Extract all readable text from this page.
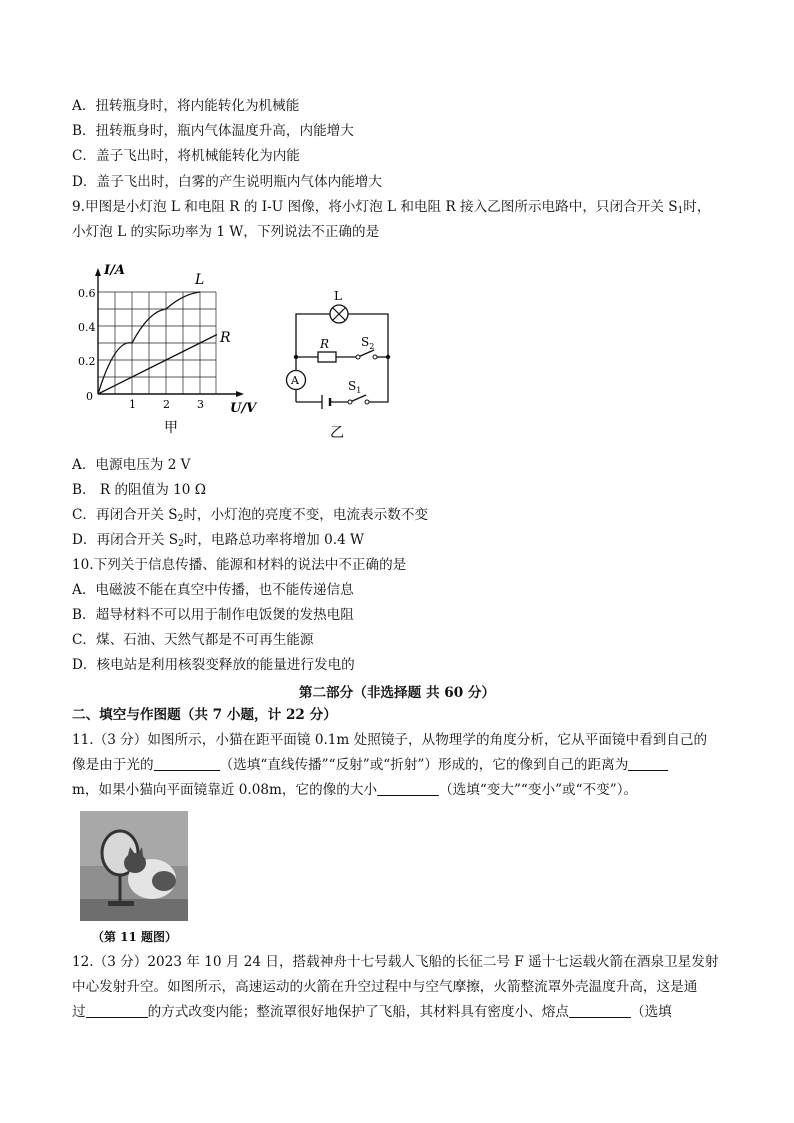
A．扭转瓶身时，将内能转化为机械能
B．扭转瓶身时，瓶内气体温度升高，内能增大
C．盖子飞出时，将机械能转化为内能
D．盖子飞出时，白雾的产生说明瓶内气体内能增大
9.甲图是小灯泡 L 和电阻 R 的 I-U 图像，将小灯泡 L 和电阻 R 接入乙图所示电路中，只闭合开关 $S_1$时，
小灯泡 L 的实际功率为 1 W，下列说法不正确的是
I/A
U/V
0.6
0.4
0.2
0
1 2 3
L
R
甲
L
R	$S_2$
A	$S_1$
乙
A．电源电压为 2 V
B． R 的阻值为 10 Ω
C．再闭合开关 $S_2$时，小灯泡的亮度不变，电流表示数不变
D．再闭合开关 $S_2$时，电路总功率将增加 0.4 W
10.下列关于信息传播、能源和材料的说法中不正确的是
A．电磁波不能在真空中传播，也不能传递信息
B．超导材料不可以用于制作电饭煲的发热电阻
C．煤、石油、天然气都是不可再生能源
D．核电站是利用核裂变释放的能量进行发电的
第二部分（非选择题 共 60 分）
二、填空与作图题（共 7 小题，计 22 分）
11.（3 分）如图所示，小猫在距平面镜 0.1m 处照镜子，从物理学的角度分析，它从平面镜中看到自己的
像是由于光的	（选填“直线传播”“反射”或“折射”）形成的，它的像到自己的距离为
m，如果小猫向平面镜靠近 0.08m，它的像的大小	（选填“变大”“变小”或“不变”）。
（第 11 题图）
12.（3 分）2023 年 10 月 24 日，搭载神舟十七号载人飞船的长征二号 F 遥十七运载火箭在酒泉卫星发射
中心发射升空。如图所示，高速运动的火箭在升空过程中与空气摩擦，火箭整流罩外壳温度升高，这是通
过	的方式改变内能；整流罩很好地保护了飞船，其材料具有密度小、熔点	（选填
